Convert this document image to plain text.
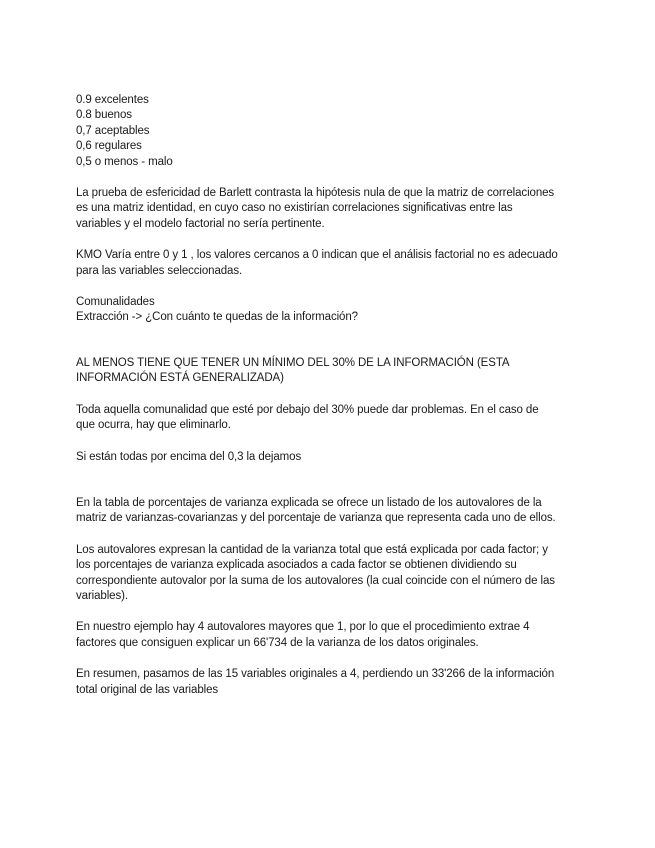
0.9 excelentes
0.8 buenos
0,7 aceptables
0,6 regulares
0,5 o menos - malo
La prueba de esfericidad de Barlett contrasta la hipótesis nula de que la matriz de correlaciones
es una matriz identidad, en cuyo caso no existirían correlaciones significativas entre las
variables y el modelo factorial no sería pertinente.
KMO Varía entre 0 y 1 , los valores cercanos a 0 indican que el análisis factorial no es adecuado
para las variables seleccionadas.
Comunalidades
Extracción -> ¿Con cuánto te quedas de la información?
AL MENOS TIENE QUE TENER UN MÍNIMO DEL 30% DE LA INFORMACIÓN (ESTA
INFORMACIÓN ESTÁ GENERALIZADA)
Toda aquella comunalidad que esté por debajo del 30% puede dar problemas. En el caso de
que ocurra, hay que eliminarlo.
Si están todas por encima del 0,3 la dejamos
En la tabla de porcentajes de varianza explicada se ofrece un listado de los autovalores de la
matriz de varianzas-covarianzas y del porcentaje de varianza que representa cada uno de ellos.
Los autovalores expresan la cantidad de la varianza total que está explicada por cada factor; y
los porcentajes de varianza explicada asociados a cada factor se obtienen dividiendo su
correspondiente autovalor por la suma de los autovalores (la cual coincide con el número de las
variables).
En nuestro ejemplo hay 4 autovalores mayores que 1, por lo que el procedimiento extrae 4
factores que consiguen explicar un 66'734 de la varianza de los datos originales.
En resumen, pasamos de las 15 variables originales a 4, perdiendo un 33'266 de la información
total original de las variables
